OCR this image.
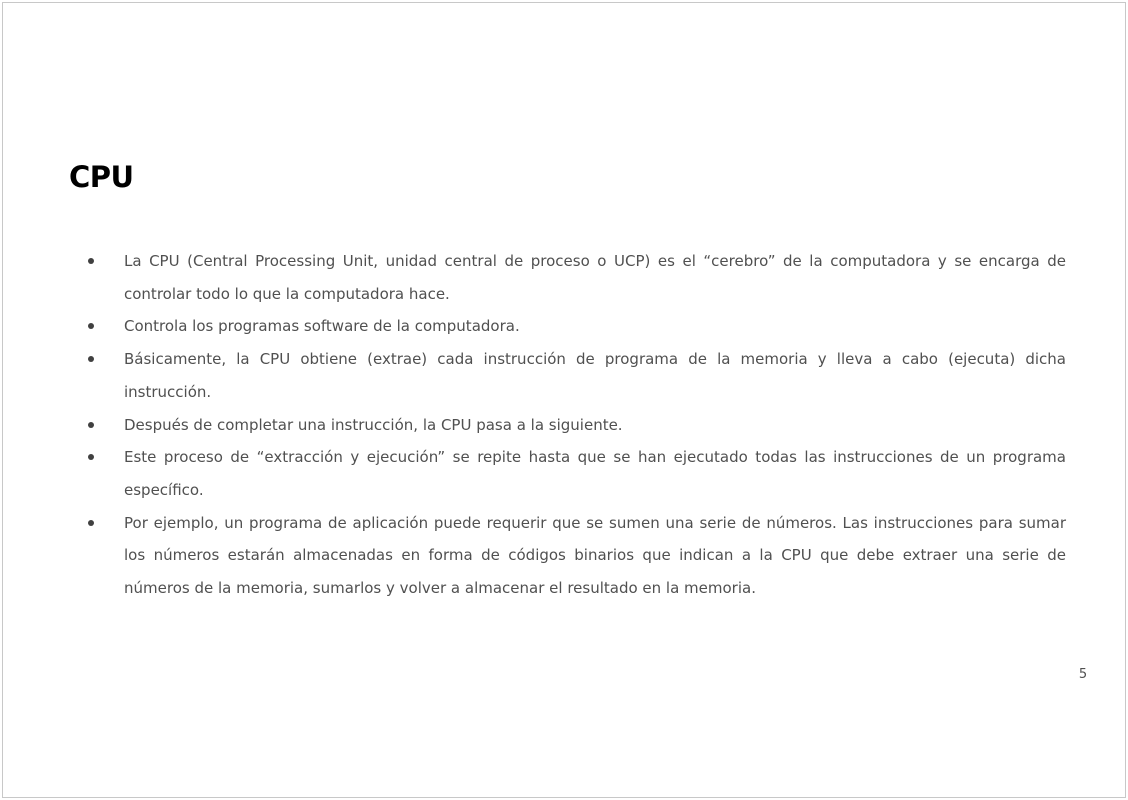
CPU
La CPU (Central Processing Unit, unidad central de proceso o UCP) es el “cerebro” de la computadora y se encarga de controlar todo lo que la computadora hace.
Controla los programas software de la computadora.
Básicamente, la CPU obtiene (extrae) cada instrucción de programa de la memoria y lleva a cabo (ejecuta) dicha instrucción.
Después de completar una instrucción, la CPU pasa a la siguiente.
Este proceso de “extracción y ejecución” se repite hasta que se han ejecutado todas las instrucciones de un programa específico.
Por ejemplo, un programa de aplicación puede requerir que se sumen una serie de números. Las instrucciones para sumar los números estarán almacenadas en forma de códigos binarios que indican a la CPU que debe extraer una serie de números de la memoria, sumarlos y volver a almacenar el resultado en la memoria.
5
